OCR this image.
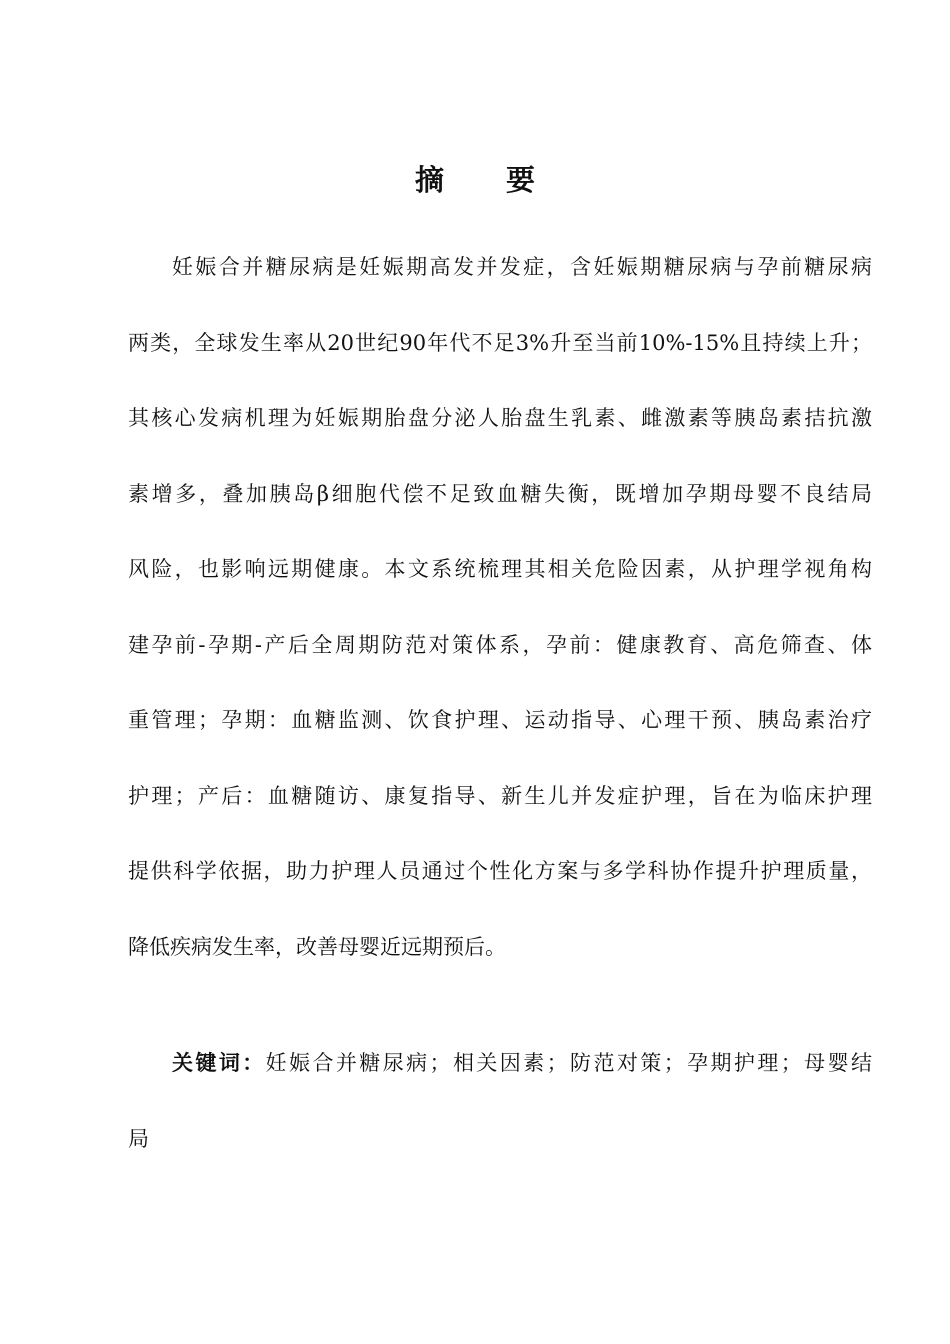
摘 要
妊娠合并糖尿病是妊娠期高发并发症，含妊娠期糖尿病与孕前糖尿病
两类，全球发生率从20世纪90年代不足3%升至当前10%-15%且持续上升；
其核心发病机理为妊娠期胎盘分泌人胎盘生乳素、雌激素等胰岛素拮抗激
素增多，叠加胰岛β细胞代偿不足致血糖失衡，既增加孕期母婴不良结局
风险，也影响远期健康。本文系统梳理其相关危险因素，从护理学视角构
建孕前-孕期-产后全周期防范对策体系，孕前：健康教育、高危筛查、体
重管理；孕期：血糖监测、饮食护理、运动指导、心理干预、胰岛素治疗
护理；产后：血糖随访、康复指导、新生儿并发症护理，旨在为临床护理
提供科学依据，助力护理人员通过个性化方案与多学科协作提升护理质量，
降低疾病发生率，改善母婴近远期预后。
关键词：妊娠合并糖尿病；相关因素；防范对策；孕期护理；母婴结
局
